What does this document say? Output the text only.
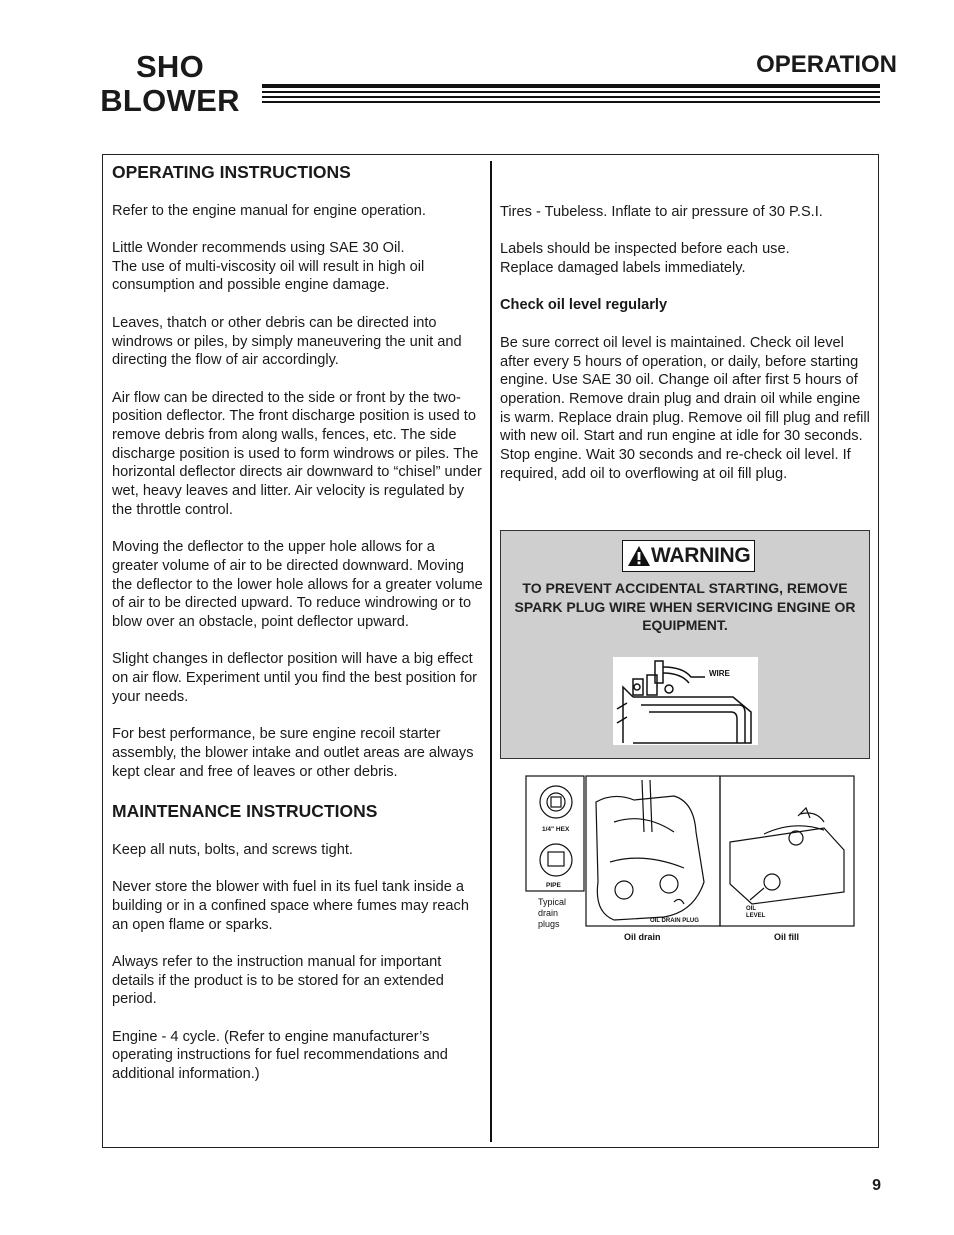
SHO
BLOWER
OPERATION

OPERATING INSTRUCTIONS

Refer to the engine manual for engine operation.

Little Wonder recommends using SAE 30 Oil.
The use of multi-viscosity oil will result in high oil consumption and possible engine damage.

Leaves, thatch or other debris can be directed into windrows or piles, by simply maneuvering the unit and directing the flow of air accordingly.

Air flow can be directed to the side or front by the two-position deflector. The front discharge position is used to remove debris from along walls, fences, etc. The side discharge position is used to form windrows or piles. The horizontal deflector directs air downward to “chisel” under wet, heavy leaves and litter. Air velocity is regulated by the throttle control.

Moving the deflector to the upper hole allows for a greater volume of air to be directed downward. Moving the deflector to the lower hole allows for a greater volume of air to be directed upward. To reduce windrowing or to blow over an obstacle, point deflector upward.

Slight changes in deflector position will have a big effect on air flow. Experiment until you find the best position for your needs.

For best performance, be sure engine recoil starter assembly, the blower intake and outlet areas are always kept clear and free of leaves or other debris.

MAINTENANCE INSTRUCTIONS

Keep all nuts, bolts, and screws tight.

Never store the blower with fuel in its fuel tank inside a building or in a confined space where fumes may reach an open flame or sparks.

Always refer to the instruction manual for important details if the product is to be stored for an extended period.

Engine - 4 cycle. (Refer to engine manufacturer’s operating instructions for fuel recommendations and additional information.)

Tires - Tubeless. Inflate to air pressure of 30 P.S.I.

Labels should be inspected before each use.
Replace damaged labels immediately.

Check oil level regularly

Be sure correct oil level is maintained. Check oil level after every 5 hours of operation, or daily, before starting engine. Use SAE 30 oil. Change oil after first 5 hours of operation. Remove drain plug and drain oil while engine is warm. Replace drain plug. Remove oil fill plug and refill with new oil. Start and run engine at idle for 30 seconds. Stop engine. Wait 30 seconds and re-check oil level. If required, add oil to overflowing at oil fill plug.

WARNING
TO PREVENT ACCIDENTAL STARTING, REMOVE SPARK PLUG WIRE WHEN SERVICING ENGINE OR EQUIPMENT.
WIRE
1/4" HEX
PIPE
Typical
drain
plugs	OIL DRAIN PLUG
OIL
LEVEL
Oil drain	Oil fill
9
